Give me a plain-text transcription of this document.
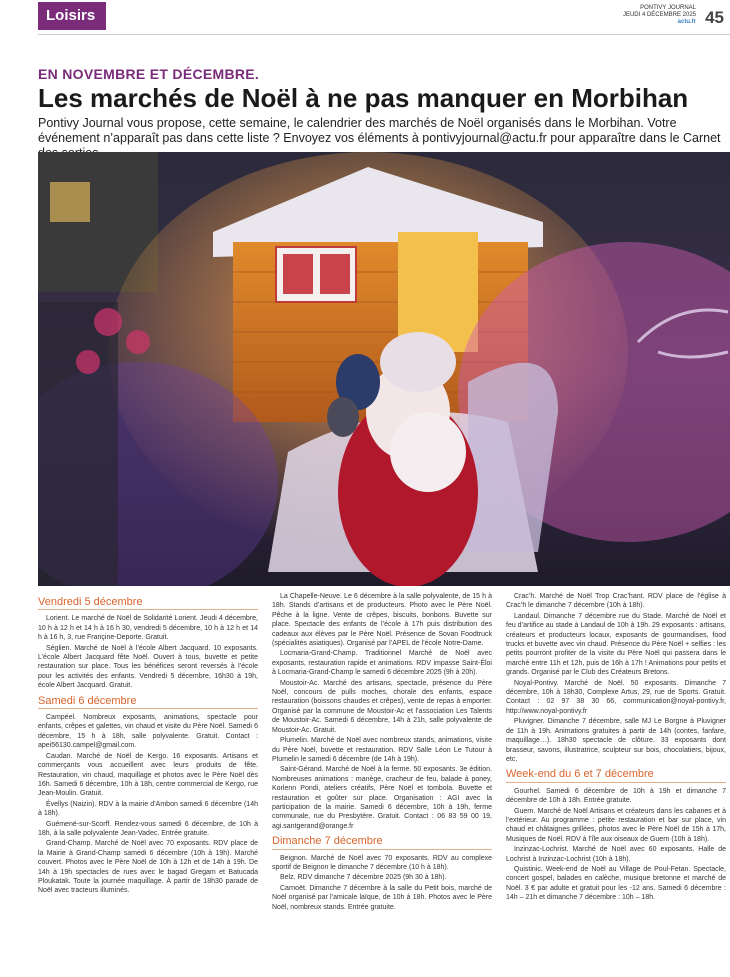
Loisirs	PONTIVY JOURNAL
JEUDI 4 DÉCEMBRE 2025
actu.fr 45
EN NOVEMBRE ET DÉCEMBRE.
Les marchés de Noël à ne pas manquer en Morbihan
Pontivy Journal vous propose, cette semaine, le calendrier des marchés de Noël organisés dans le Morbihan. Votre événement n’apparaît pas dans cette liste ? Envoyez vos éléments à pontivyjournal@actu.fr pour apparaître dans le Carnet
Vendredi 5 décembre

Lorient. Le marché de Noël de Solidarité Lorient. Jeudi 4 décembre, 10 h à 12 h et 14 h à 16 h 30, vendredi 5 décembre, 10 h à 12 h et 14 h à 16 h, 3, rue Françine-Deporte. Gratuit.

Séglien. Marché de Noël à l’école Albert Jacquard. 10 exposants. L’école Albert Jacquard fête Noël. Ouvert à tous, buvette et petite restauration sur place. Tous les bénéfices seront reversés à l’école pour les activités des enfants. Vendredi 5 décembre, 16h30 à 19h, école Albert Jacquard. Gratuit.

Samedi 6 décembre

Campéel. Nombreux exposants, animations, spectacle pour enfants, crêpes et galettes, vin chaud et visite du Père Noël. Samedi 6 décembre, 15 h à 18h, salle polyvalente. Gratuit. Contact : apei56130.campel@gmail.com.

Caudan. Marché de Noël de Kergo. 16 exposants. Artisans et commerçants vous accueillent avec leurs produits de fête. Restauration, vin chaud, maquillage et photos avec le Père Noël dès 16h. Samedi 6 décembre, 10h à 18h, centre commercial de Kergo, rue Jean-Moulin. Gratuit.

Évellys (Naizin). RDV à la mairie d’Ambon samedi 6 décembre (14h à 18h).

Guémené-sur-Scorff. Rendez-vous samedi 6 décembre, de 10h à 18h, à la salle polyvalente Jean-Vadec. Entrée gratuite.

Grand-Champ. Marché de Noël avec 70 exposants. RDV place de la Mairie à Grand-Champ samedi 6 décembre (10h à 19h). Marché couvert. Photos avec le Père Noël de 10h à 12h et de 14h à 19h. De 14h à 19h spectacles de rues avec le bagad Gregam et Batucada Ploukatak. Toute la journée maquillage. À partir de 18h30 parade de Noël avec tracteurs illuminés.

La Chapelle-Neuve. Le 6 décembre à la salle polyvalente, de 15 h à 18h. Stands d’artisans et de producteurs. Photo avec le Père Noël. Pêche à la ligne. Vente de crêpes, biscuits, bonbons. Buvette sur place. Spectacle des enfants de l’école à 17h puis distribution des cadeaux aux élèves par le Père Noël. Présence de Sovan Foodtruck (spécialités asiatiques). Organisé par l’APEL de l’école Notre-Dame.

Locmaria-Grand-Champ. Traditionnel Marché de Noël avec exposants, restauration rapide et animations. RDV impasse Saint-Éloi à Locmaria-Grand-Champ le samedi 6 décembre 2025 (9h à 20h).

Moustoir-Ac. Marché des artisans, spectacle, présence du Père Noël, concours de pulls moches, chorale des enfants, espace restauration (boissons chaudes et crêpes), vente de repas à emporter. Organisé par la commune de Moustoir-Ac et l’association Les Talents de Moustoir-Ac. Samedi 6 décembre, 14h à 21h, salle polyvalente de Moustoir-Ac. Gratuit.

Plumelin. Marché de Noël avec nombreux stands, animations, visite du Père Noël, buvette et restauration. RDV Salle Léon Le Tutour à Plumelin le samedi 6 décembre (de 14h à 19h).

Saint-Gérand. Marché de Noël à la ferme. 50 exposants. 3e édition. Nombreuses animations : manège, cracheur de feu, balade à poney, Korlenn Pondi, ateliers créatifs, Père Noël et tombola. Buvette et restauration et goûter sur place. Organisation : AGI avec la participation de la mairie. Samedi 6 décembre, 10h à 19h, ferme communale, rue du Presbytère. Gratuit. Contact : 06 83 59 00 19, agi.santgerand@orange.fr

Dimanche 7 décembre

Beignon. Marché de Noël avec 70 exposants. RDV au complexe sportif de Beignon le dimanche 7 décembre (10 h à 18h).

Belz. RDV dimanche 7 décembre 2025 (9h 30 à 18h).

Carnoët. Dimanche 7 décembre à la salle du Petit bois, marché de Noël organisé par l’amicale laïque, de 10h à 18h. Photos avec le Père Noël, nombreux stands. Entrée gratuite.

Crac’h. Marché de Noël Trop Crac’hant. RDV place de l’église à Crac’h le dimanche 7 décembre (10h à 18h).

Landaul. Dimanche 7 décembre rue du Stade. Marché de Noël et feu d’artifice au stade à Landaul de 10h à 19h. 29 exposants : artisans, créateurs et producteurs locaux, exposants de gourmandises, food trucks et buvette avec vin chaud. Présence du Père Noël + selfies : les petits pourront profiter de la visite du Père Noël qui passera dans le marché entre 11h et 12h, puis de 16h à 17h ! Animations pour petits et grands. Organisé par le Club des Créateurs Bretons.

Noyal-Pontivy. Marché de Noël. 50 exposants. Dimanche 7 décembre, 10h à 18h30, Complexe Artus, 29, rue de Sports. Gratuit. Contact : 02 97 38 30 66, communication@noyal-pontivy.fr, http://www.noyal-pontivy.fr

Pluvigner. Dimanche 7 décembre, salle MJ Le Borgne à Pluvigner de 11h à 19h. Animations gratuites à partir de 14h (contes, fanfare, maquillage…). 18h30 spectacle de clôture. 33 exposants dont brasseur, savons, illustratrice, sculpteur sur bois, chocolatiers, bijoux, etc.

Week-end du 6 et 7 décembre

Gourhel. Samedi 6 décembre de 10h à 19h et dimanche 7 décembre de 10h à 18h. Entrée gratuite.

Guern. Marché de Noël Artisans et créateurs dans les cabanes et à l’extérieur. Au programme : petite restauration et bar sur place, vin chaud et châtaignes grillées, photos avec le Père Noël de 15h à 17h, Musiques de Noël. RDV à l’île aux oiseaux de Guern (10h à 18h).

Inzinzac-Lochrist. Marché de Noël avec 60 exposants. Halle de Lochrist à Inzinzac-Lochrist (10h à 18h).

Quistinic. Week-end de Noël au Village de Poul-Fetan. Spectacle, concert gospel, balades en calèche, musique bretonne et marché de Noël. 3 € par adulte et gratuit pour les -12 ans. Samedi 6 décembre : 14h – 21h et dimanche 7 décembre : 10h – 18h.
